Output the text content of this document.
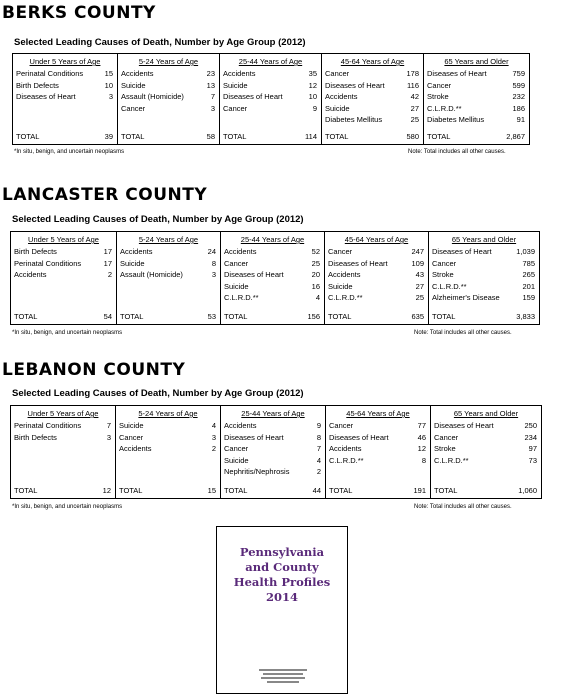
BERKS COUNTY
Selected Leading Causes of Death, Number by Age Group (2012)
Under 5 Years of Age
Perinatal Conditions	15
Birth Defects	10
Diseases of Heart	3
TOTAL	39
5-24 Years of Age
Accidents	23
Suicide	13
Assault (Homicide)	7
Cancer	3
TOTAL	58
25-44 Years of Age
Accidents	35
Suicide	12
Diseases of Heart	10
Cancer	9
TOTAL	114
45-64 Years of Age
Cancer	178
Diseases of Heart	116
Accidents	42
Suicide	27
Diabetes Mellitus	25
TOTAL	580
65 Years and Older
Diseases of Heart	759
Cancer	599
Stroke	232
C.L.R.D.**	186
Diabetes Mellitus	91
TOTAL	2,867
*In situ, benign, and uncertain neoplasms	Note: Total includes all other causes.
LANCASTER COUNTY
Selected Leading Causes of Death, Number by Age Group (2012)
Under 5 Years of Age
Birth Defects	17
Perinatal Conditions	17
Accidents	2
TOTAL	54
5-24 Years of Age
Accidents	24
Suicide	8
Assault (Homicide)	3
TOTAL	53
25-44 Years of Age
Accidents	52
Cancer	25
Diseases of Heart	20
Suicide	16
C.L.R.D.**	4
TOTAL	156
45-64 Years of Age
Cancer	247
Diseases of Heart	109
Accidents	43
Suicide	27
C.L.R.D.**	25
TOTAL	635
65 Years and Older
Diseases of Heart	1,039
Cancer	785
Stroke	265
C.L.R.D.**	201
Alzheimer's Disease	159
TOTAL	3,833
*In situ, benign, and uncertain neoplasms	Note: Total includes all other causes.
LEBANON COUNTY
Selected Leading Causes of Death, Number by Age Group (2012)
Under 5 Years of Age
Perinatal Conditions	7
Birth Defects	3
TOTAL	12
5-24 Years of Age
Suicide	4
Cancer	3
Accidents	2
TOTAL	15
25-44 Years of Age
Accidents	9
Diseases of Heart	8
Cancer	7
Suicide	4
Nephritis/Nephrosis	2
TOTAL	44
45-64 Years of Age
Cancer	77
Diseases of Heart	46
Accidents	12
C.L.R.D.**	8
TOTAL	191
65 Years and Older
Diseases of Heart	250
Cancer	234
Stroke	97
C.L.R.D.**	73
TOTAL	1,060
*In situ, benign, and uncertain neoplasms	Note: Total includes all other causes.
Pennsylvania
and County
Health Profiles
2014
